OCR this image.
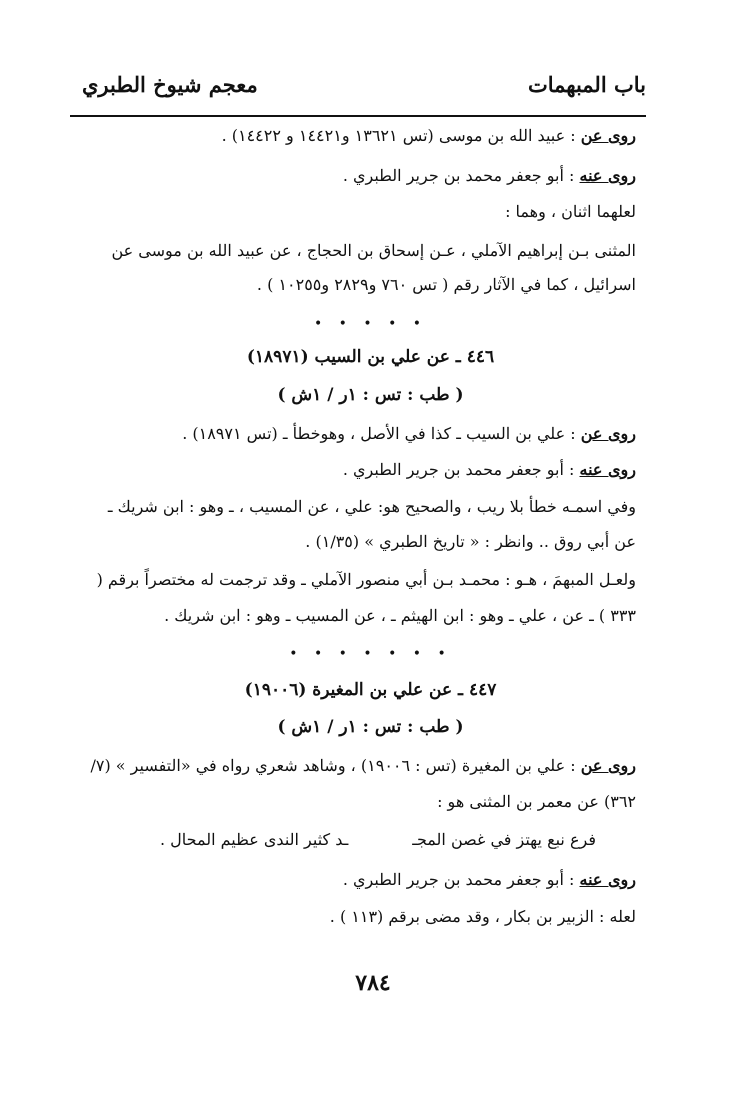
باب المبهمات
معجم شيوخ الطبري
روى عن : عبيد الله بن موسى (تس ١٣٦٢١ و١٤٤٢١ و ١٤٤٢٢) .
روى عنه : أبو جعفر محمد بن جرير الطبري .
لعلهما اثنان ، وهما :
المثنى بـن إبراهيم الآملي ، عـن إسحاق بن الحجاج ، عن عبيد الله بن موسى عن
اسرائيل ، كما في الآثار رقم ( تس ٧٦٠ و٢٨٢٩ و١٠٢٥٥ ) .
• • • • •
٤٤٦ ـ عن علي بن السيب (١٨٩٧١)
( طب : تس : ١ر / ١ش )
روى عن : علي بن السيب ـ كذا في الأصل ، وهوخطأ ـ (تس ١٨٩٧١) .
روى عنه : أبو جعفر محمد بن جرير الطبري .
وفي اسمـه خطأ بلا ريب ، والصحيح هو: علي ، عن المسيب ، ـ وهو : ابن شريك ـ
عن أبي روق .. وانظر : « تاريخ الطبري » (١/٣٥) .
ولعـل المبهمَ ، هـو : محمـد بـن أبي منصور الآملي ـ وقد ترجمت له مختصراً برقم (
٣٣٣ ) ـ عن ، علي ـ وهو : ابن الهيثم ـ ، عن المسيب ـ وهو : ابن شريك .
• • • • • • •
٤٤٧ ـ عن علي بن المغيرة (١٩٠٠٦)
( طب : تس : ١ر / ١ش )
روى عن : علي بن المغيرة (تس : ١٩٠٠٦) ، وشاهد شعري رواه في «التفسير » (٧/
٣٦٢) عن معمر بن المثنى هو :
فرع نبع يهتز في غصن المجـ
ـد كثير الندى عظيم المحال .
روى عنه : أبو جعفر محمد بن جرير الطبري .
لعله : الزبير بن بكار ، وقد مضى برقم (١١٣ ) .
٧٨٤
